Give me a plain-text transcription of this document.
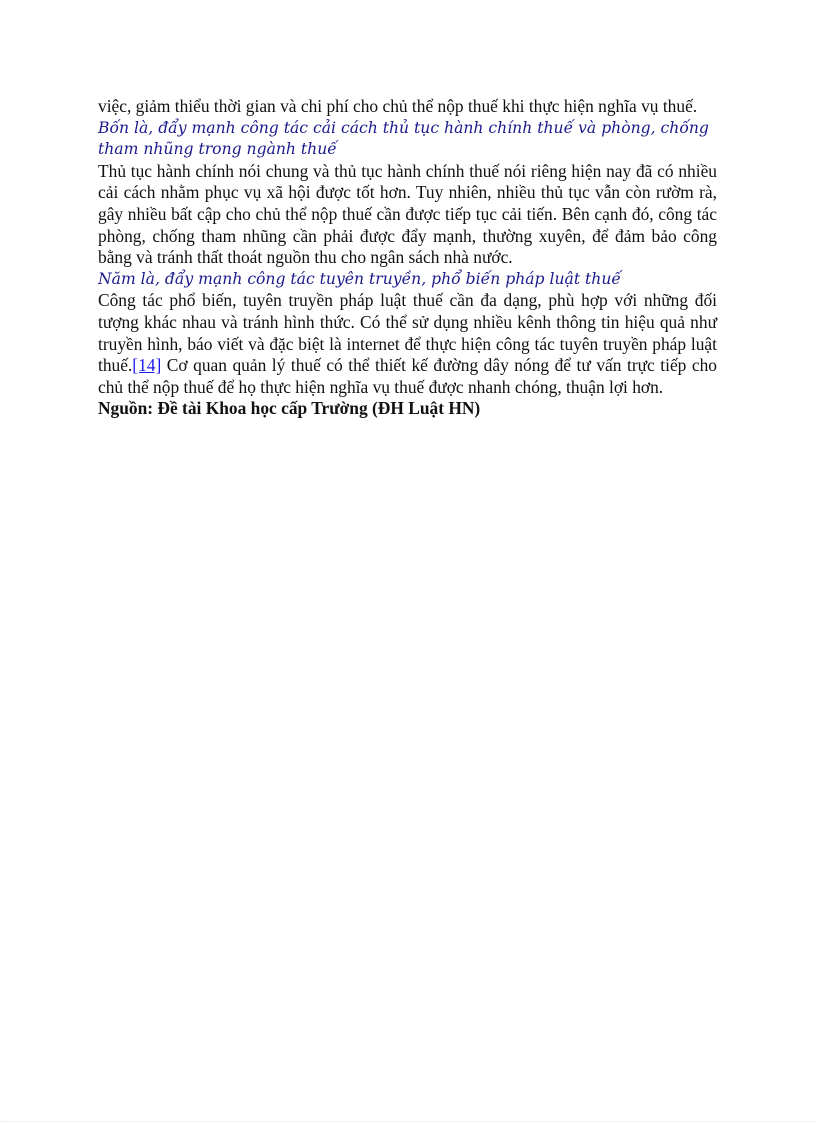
việc, giảm thiểu thời gian và chi phí cho chủ thể nộp thuế khi thực hiện nghĩa vụ thuế.

Bốn là, đẩy mạnh công tác cải cách thủ tục hành chính thuế và phòng, chống tham nhũng trong ngành thuế

Thủ tục hành chính nói chung và thủ tục hành chính thuế nói riêng hiện nay đã có nhiều cải cách nhằm phục vụ xã hội được tốt hơn. Tuy nhiên, nhiều thủ tục vẫn còn rườm rà, gây nhiều bất cập cho chủ thể nộp thuế cần được tiếp tục cải tiến. Bên cạnh đó, công tác phòng, chống tham nhũng cần phải được đẩy mạnh, thường xuyên, để đảm bảo công bằng và tránh thất thoát nguồn thu cho ngân sách nhà nước.

Năm là, đẩy mạnh công tác tuyên truyền, phổ biến pháp luật thuế

Công tác phổ biến, tuyên truyền pháp luật thuế cần đa dạng, phù hợp với những đối tượng khác nhau và tránh hình thức. Có thể sử dụng nhiều kênh thông tin hiệu quả như truyền hình, báo viết và đặc biệt là internet để thực hiện công tác tuyên truyền pháp luật thuế.[14] Cơ quan quản lý thuế có thể thiết kế đường dây nóng để tư vấn trực tiếp cho chủ thể nộp thuế để họ thực hiện nghĩa vụ thuế được nhanh chóng, thuận lợi hơn.

Nguồn: Đề tài Khoa học cấp Trường (ĐH Luật HN)
